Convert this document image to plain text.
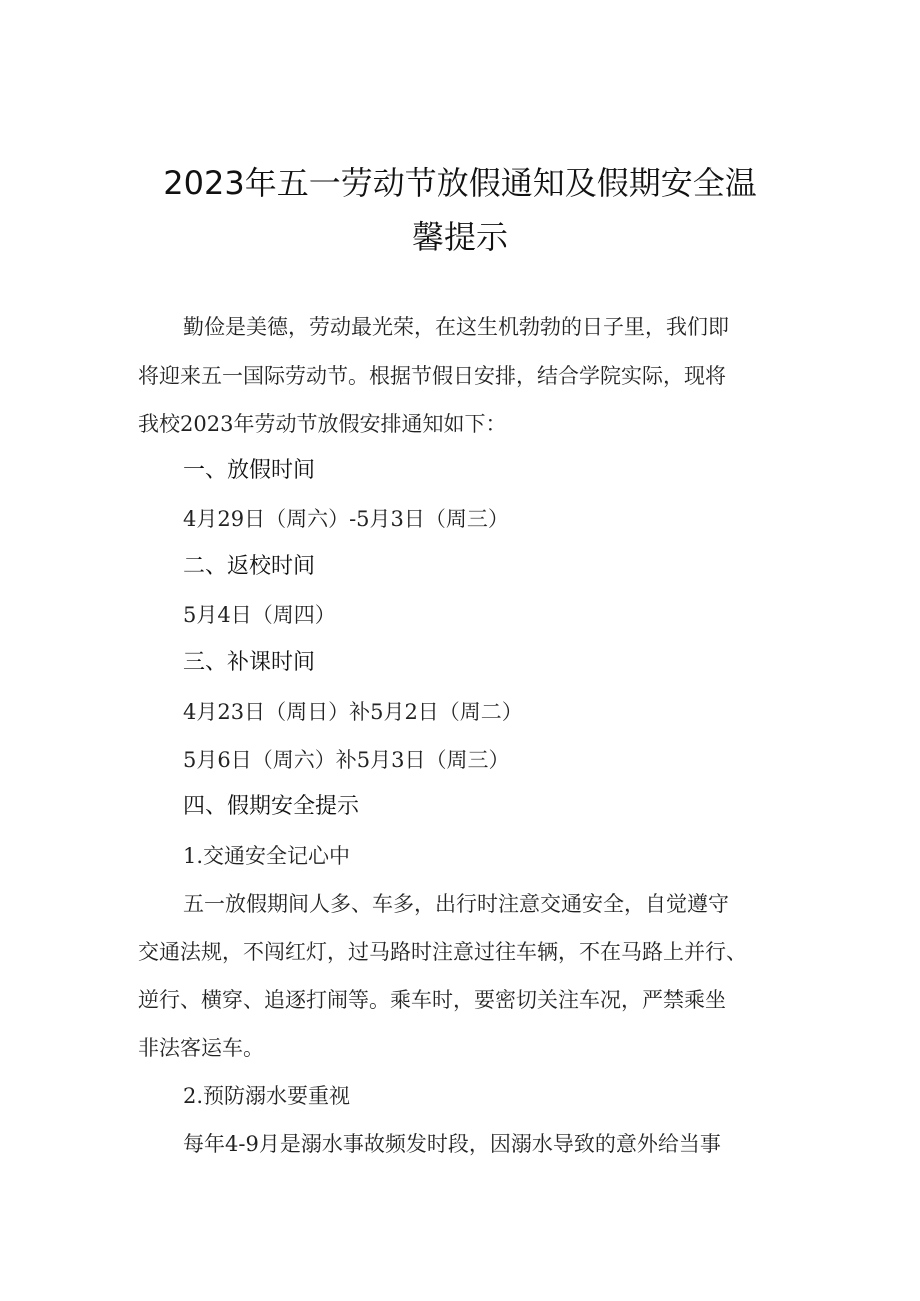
2023年五一劳动节放假通知及假期安全温
馨提示
勤俭是美德，劳动最光荣，在这生机勃勃的日子里，我们即
将迎来五一国际劳动节。根据节假日安排，结合学院实际，现将
我校2023年劳动节放假安排通知如下：
一、放假时间
4月29日（周六）-5月3日（周三）
二、返校时间
5月4日（周四）
三、补课时间
4月23日（周日）补5月2日（周二）
5月6日（周六）补5月3日（周三）
四、假期安全提示
1.交通安全记心中
五一放假期间人多、车多，出行时注意交通安全，自觉遵守
交通法规，不闯红灯，过马路时注意过往车辆，不在马路上并行、
逆行、横穿、追逐打闹等。乘车时，要密切关注车况，严禁乘坐
非法客运车。
2.预防溺水要重视
每年4-9月是溺水事故频发时段，因溺水导致的意外给当事
